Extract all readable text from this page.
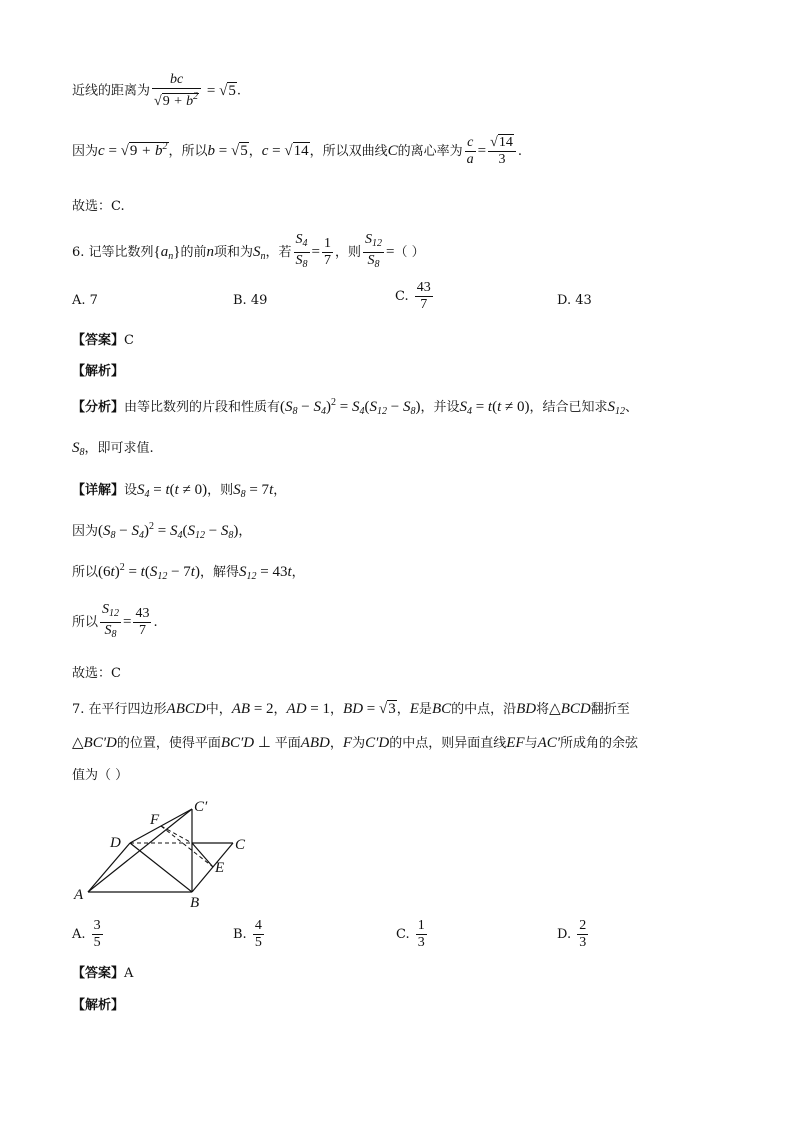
近线的距离为 $\frac{bc}{√9 + b^2} = √5$.
因为$c = √9 + b^2$，所以b = √5，c = √14，所以双曲线C的离心率为 $\frac{c}{a} = \frac{√14}{3}$ .
故选：C.
6. 记等比数列$\{a_n\}$的前n项和为$S_n$，若 $\frac{S_4}{S_8} = \frac{1}{7}$ ，则 $\frac{S_{12}}{S_8}$ =（ ）
A. 7	B. 49	C. $\frac{43}{7}$	D. 43
【答案】C
【解析】
【分析】由等比数列的片段和性质有$(S_8 - S_4)^2 = S_4(S_{12} - S_8)$，并设$S_4 = t(t \ne 0)$，结合已知求$S_{12}$、
$S_8$，即可求值.
【详解】设$S_4 = t(t \ne 0)$，则$S_8 = 7t$，
因为$(S_8 - S_4)^2 = S_4(S_{12} - S_8)$，
所以$(6t)^2 = t(S_{12} - 7t)$，解得$S_{12} = 43t$，
所以 $\frac{S_{12}}{S_8} = \frac{43}{7}$ .
故选：C
7. 在平行四边形ABCD中，AB = 2，AD = 1，BD = √3，E是BC的中点，沿BD将△BCD翻折至
△BC′D的位置，使得平面BC′D ⊥ 平面ABD，F为C′D的中点，则异面直线EF与AC′所成角的余弦
值为（ ）
A	B
C
D
E
F
C′
A. $\frac{3}{5}$	B. $\frac{4}{5}$	C. $\frac{1}{3}$	D. $\frac{2}{3}$
【答案】A
【解析】
